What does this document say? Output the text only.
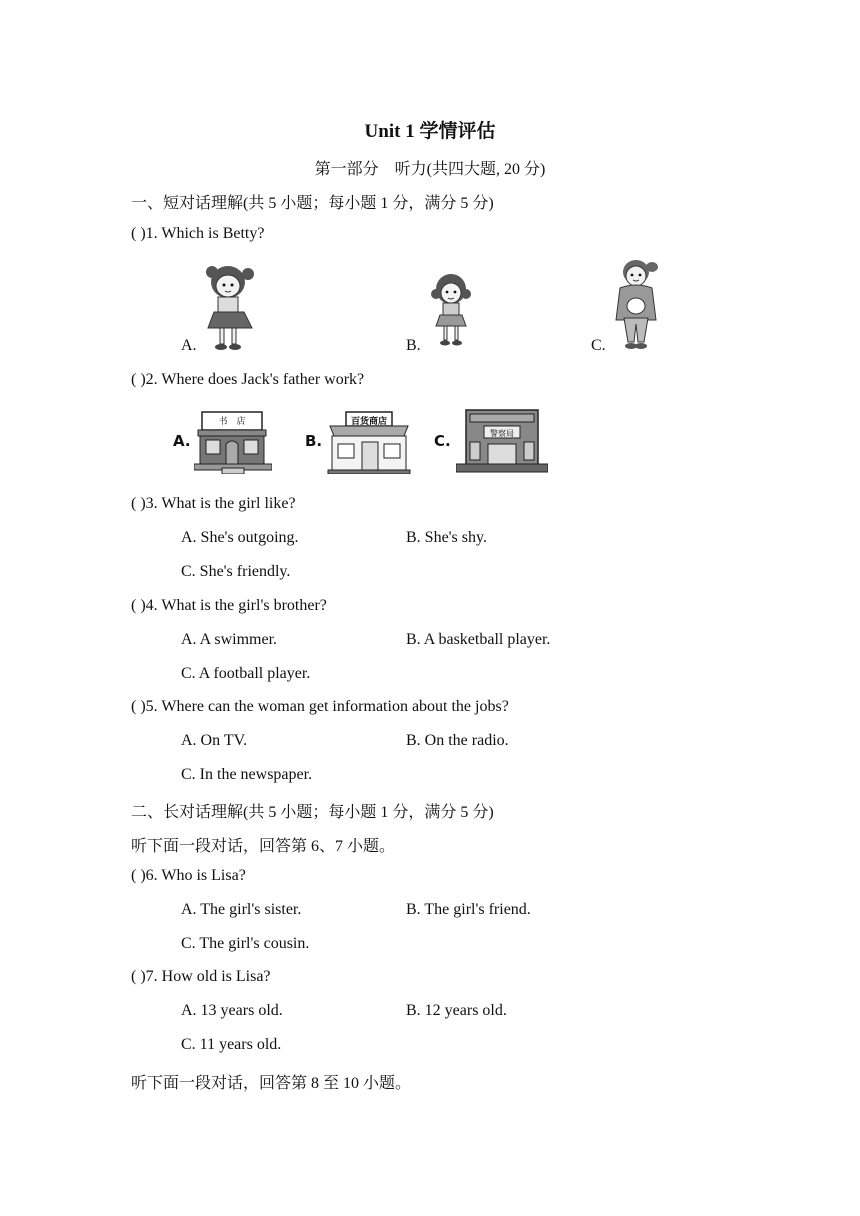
Unit 1 学情评估
第一部分　听力(共四大题, 20 分)
一、短对话理解(共 5 小题；每小题 1 分，满分 5 分)
( )1. Which is Betty?
A.	B.	C.
( )2. Where does Jack's father work?
A.	B.	C.
书　店	百货商店
警察局
( )3. What is the girl like?
A. She's outgoing.	B. She's shy.
C. She's friendly.
( )4. What is the girl's brother?
A. A swimmer.	B. A basketball player.
C. A football player.
( )5. Where can the woman get information about the jobs?
A. On TV.	B. On the radio.
C. In the newspaper.
二、长对话理解(共 5 小题；每小题 1 分，满分 5 分)
听下面一段对话，回答第 6、7 小题。
( )6. Who is Lisa?
A. The girl's sister.	B. The girl's friend.
C. The girl's cousin.
( )7. How old is Lisa?
A. 13 years old.	B. 12 years old.
C. 11 years old.
听下面一段对话，回答第 8 至 10 小题。
